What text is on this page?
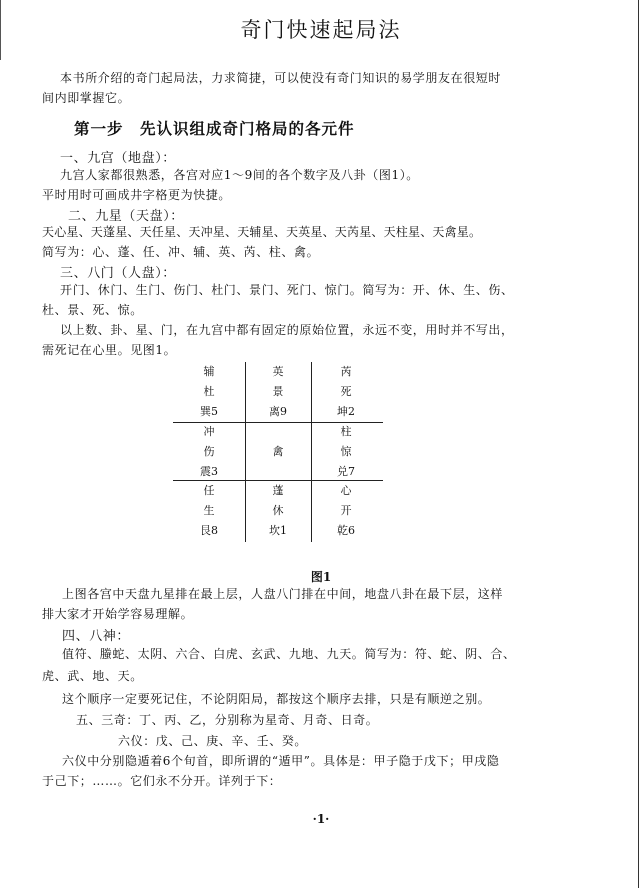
奇门快速起局法
本书所介绍的奇门起局法，力求简捷，可以使没有奇门知识的易学朋友在很短时
间内即掌握它。
第一步　先认识组成奇门格局的各元件
一、九宫（地盘）：
九宫人家都很熟悉，各宫对应1～9间的各个数字及八卦（图1）。
平时用时可画成井字格更为快捷。
二、九星（天盘）：
天心星、天蓬星、天任星、天冲星、天辅星、天英星、天芮星、天柱星、天禽星。
简写为：心、蓬、任、冲、辅、英、芮、柱、禽。
三、八门（人盘）：
开门、休门、生门、伤门、杜门、景门、死门、惊门。简写为：开、休、生、伤、
杜、景、死、惊。
以上数、卦、星、门，在九宫中都有固定的原始位置，永远不变，用时并不写出，
需死记在心里。见图1。
辅
杜
巽5
英
景
离9
芮
死
坤2
冲
伤
震3
禽
柱
惊
兑7
任
生
艮8
蓬
休
坎1
心
开
乾6
图1
上图各宫中天盘九星排在最上层，人盘八门排在中间，地盘八卦在最下层，这样
排大家才开始学容易理解。
四、八神：
值符、螣蛇、太阴、六合、白虎、玄武、九地、九天。简写为：符、蛇、阴、合、
虎、武、地、天。
这个顺序一定要死记住，不论阴阳局，都按这个顺序去排，只是有顺逆之别。
五、三奇：丁、丙、乙，分别称为星奇、月奇、日奇。
六仪：戊、己、庚、辛、壬、癸。
六仪中分别隐遁着6个旬首，即所谓的“遁甲”。具体是：甲子隐于戊下；甲戌隐
于己下；……。它们永不分开。详列于下：
·1·
